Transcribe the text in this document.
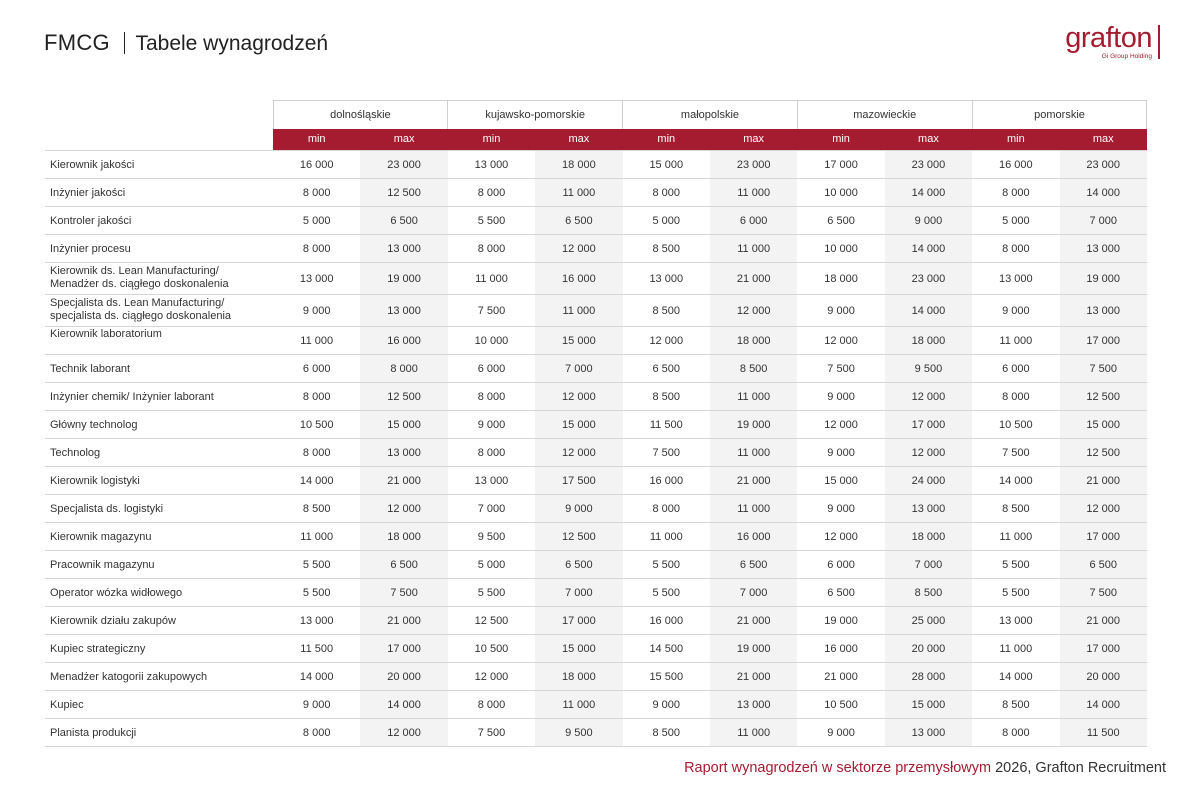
FMCG Tabele wynagrodzeń	grafton
Gi Group Holding
	dolnośląskie		kujawsko-pomorskie		małopolskie		mazowieckie		pomorskie	
	min	max	min	max	min	max	min	max	min	max
Kierownik jakości	16 000	23 000	13 000	18 000	15 000	23 000	17 000	23 000	16 000	23 000
Inżynier jakości	8 000	12 500	8 000	11 000	8 000	11 000	10 000	14 000	8 000	14 000
Kontroler jakości	5 000	6 500	5 500	6 500	5 000	6 000	6 500	9 000	5 000	7 000
Inżynier procesu	8 000	13 000	8 000	12 000	8 500	11 000	10 000	14 000	8 000	13 000
Kierownik ds. Lean Manufacturing/
Menadżer ds. ciągłego doskonalenia	13 000	19 000	11 000	16 000	13 000	21 000	18 000	23 000	13 000	19 000
Specjalista ds. Lean Manufacturing/
specjalista ds. ciągłego doskonalenia	9 000	13 000	7 500	11 000	8 500	12 000	9 000	14 000	9 000	13 000
Kierownik laboratorium	11 000	16 000	10 000	15 000	12 000	18 000	12 000	18 000	11 000	17 000
Technik laborant	6 000	8 000	6 000	7 000	6 500	8 500	7 500	9 500	6 000	7 500
Inżynier chemik/ Inżynier laborant	8 000	12 500	8 000	12 000	8 500	11 000	9 000	12 000	8 000	12 500
Główny technolog	10 500	15 000	9 000	15 000	11 500	19 000	12 000	17 000	10 500	15 000
Technolog	8 000	13 000	8 000	12 000	7 500	11 000	9 000	12 000	7 500	12 500
Kierownik logistyki	14 000	21 000	13 000	17 500	16 000	21 000	15 000	24 000	14 000	21 000
Specjalista ds. logistyki	8 500	12 000	7 000	9 000	8 000	11 000	9 000	13 000	8 500	12 000
Kierownik magazynu	11 000	18 000	9 500	12 500	11 000	16 000	12 000	18 000	11 000	17 000
Pracownik magazynu	5 500	6 500	5 000	6 500	5 500	6 500	6 000	7 000	5 500	6 500
Operator wózka widłowego	5 500	7 500	5 500	7 000	5 500	7 000	6 500	8 500	5 500	7 500
Kierownik działu zakupów	13 000	21 000	12 500	17 000	16 000	21 000	19 000	25 000	13 000	21 000
Kupiec strategiczny	11 500	17 000	10 500	15 000	14 500	19 000	16 000	20 000	11 000	17 000
Menadżer katogorii zakupowych	14 000	20 000	12 000	18 000	15 500	21 000	21 000	28 000	14 000	20 000
Kupiec	9 000	14 000	8 000	11 000	9 000	13 000	10 500	15 000	8 500	14 000
Planista produkcji	8 000	12 000	7 500	9 500	8 500	11 000	9 000	13 000	8 000	11 500
Raport wynagrodzeń w sektorze przemysłowym 2026, Grafton Recruitment
